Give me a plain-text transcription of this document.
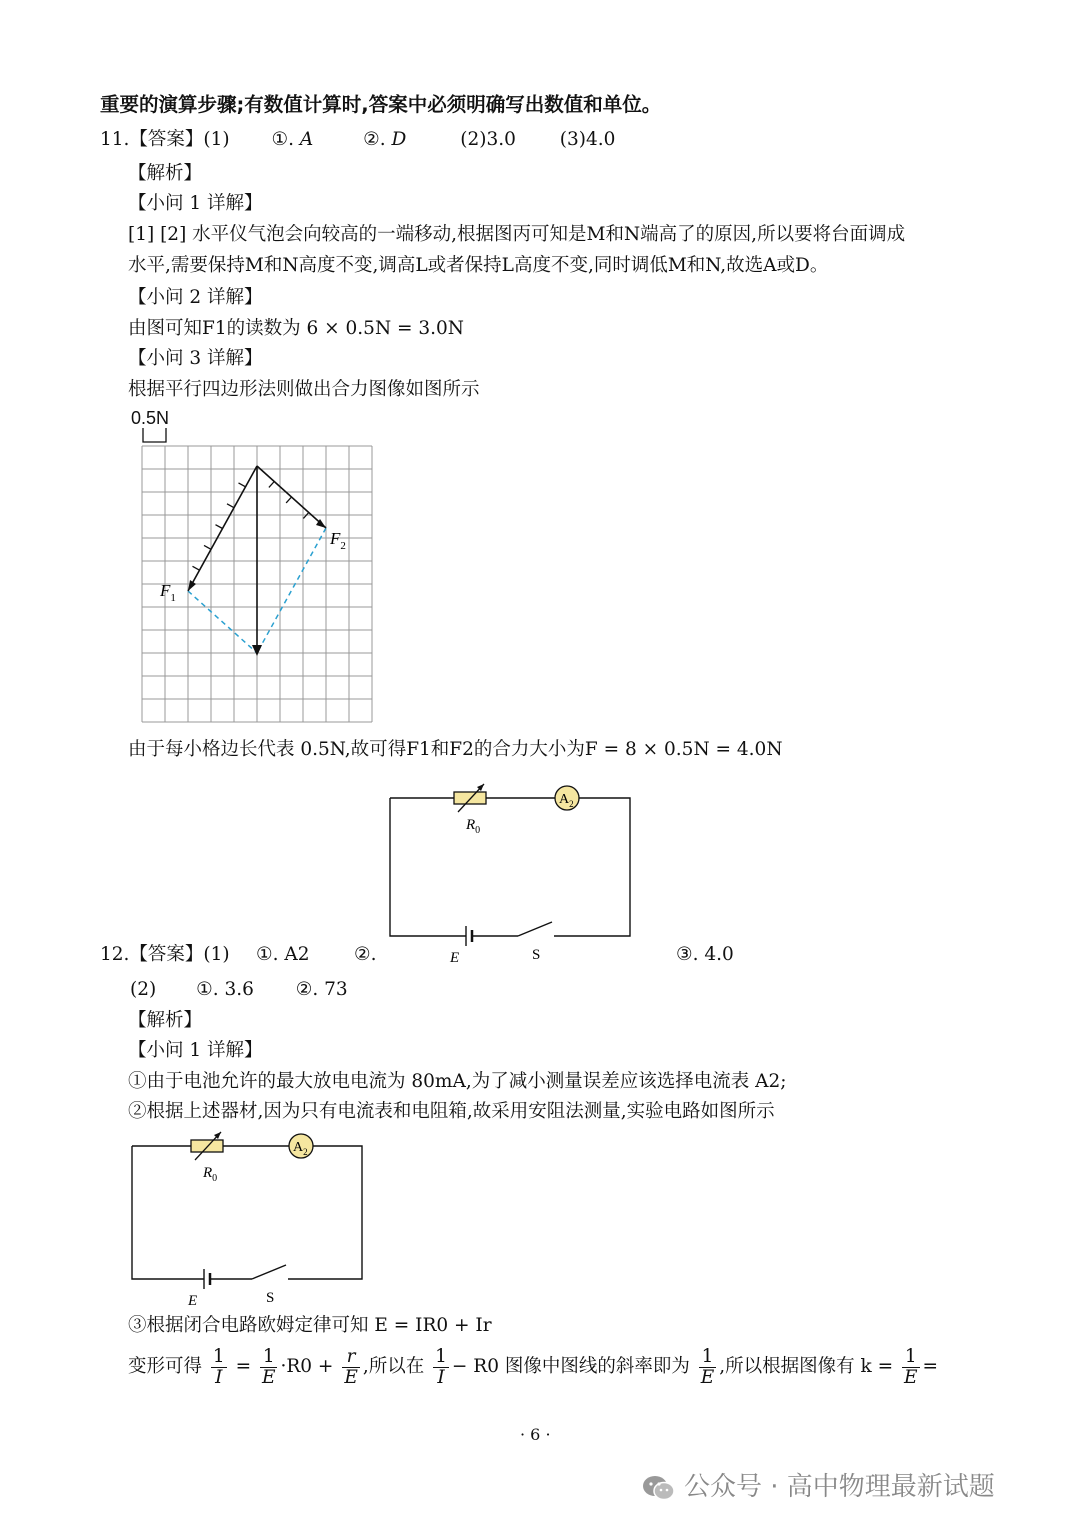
重要的演算步骤;有数值计算时,答案中必须明确写出数值和单位。
11.【答案】(1) ①. A	②. D	(2)3.0 (3)4.0
【解析】
【小问 1 详解】
[1] [2] 水平仪气泡会向较高的一端移动,根据图丙可知是M和N端高了的原因,所以要将台面调成
水平,需要保持M和N高度不变,调高L或者保持L高度不变,同时调低M和N,故选A或D。
【小问 2 详解】
由图可知F1的读数为 6 × 0.5N = 3.0N
【小问 3 详解】
根据平行四边形法则做出合力图像如图所示
0.5N
$F_1$
$F_2$
由于每小格边长代表 0.5N,故可得F1和F2的合力大小为F = 8 × 0.5N = 4.0N
$A_2$
$R_0$
E	S
12.【答案】(1) ①. A2 ②.	③. 4.0
(2) ①. 3.6 ②. 73
【解析】
【小问 1 详解】
①由于电池允许的最大放电电流为 80mA,为了减小测量误差应该选择电流表 A2;
②根据上述器材,因为只有电流表和电阻箱,故采用安阻法测量,实验电路如图所示
$A_2$
$R_0$
E	S
③根据闭合电路欧姆定律可知 E = IR0 + Ir
变形可得 $\frac{1}{I} = \frac{1}{E} \cdot R0 + \frac{r}{E}$ ,所以在 $\frac{1}{I} - R0$ 图像中图线的斜率即为 $\frac{1}{E}$ ,所以根据图像有 $k = \frac{1}{E}$ =
· 6 ·
公众号 · 高中物理最新试题
